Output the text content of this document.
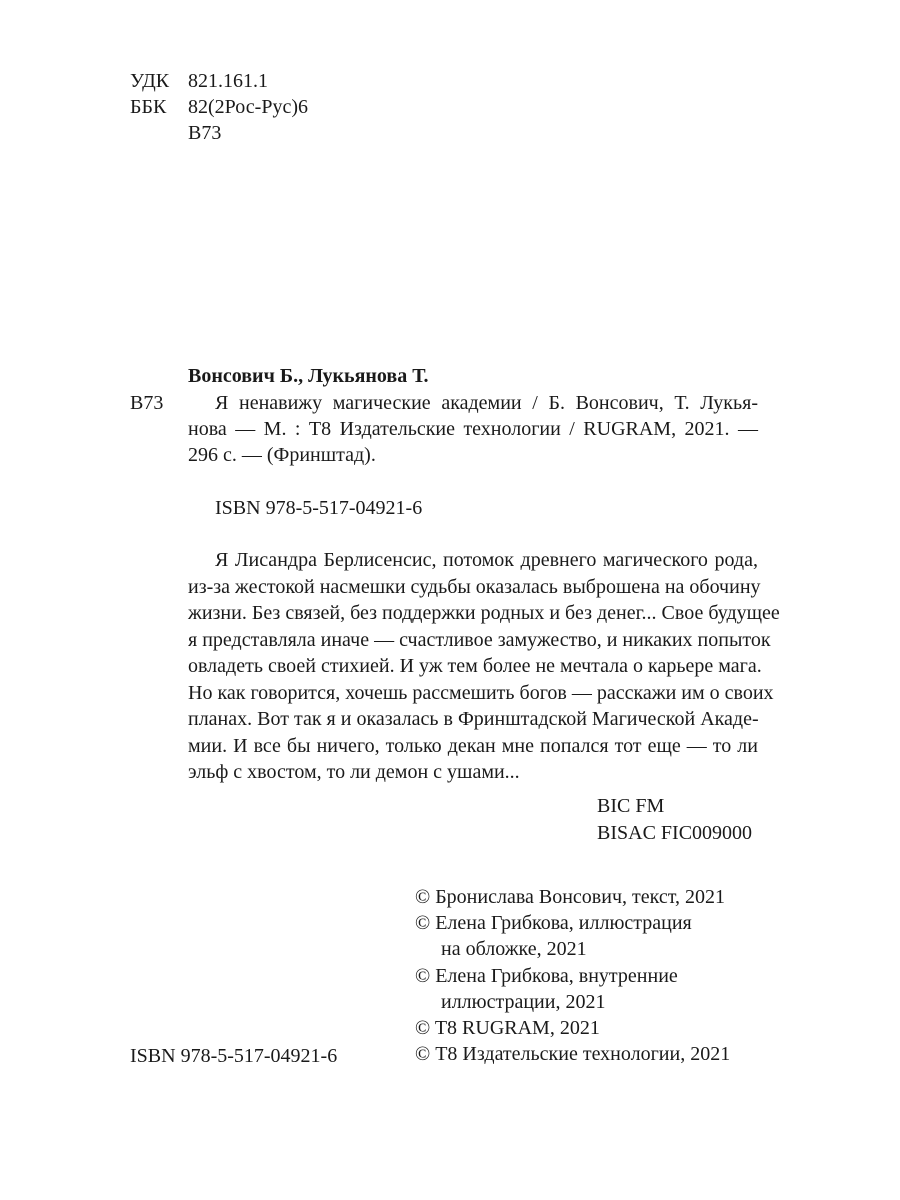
УДК 821.161.1
ББК	82(2Рос-Рус)6
В73
Вонсович Б., Лукьянова Т.
В73	Я ненавижу магические академии / Б. Вонсович, Т. Лукья-
нова — М. : Т8 Издательские технологии / RUGRAM, 2021. —
296 с. — (Фринштад).
ISBN 978-5-517-04921-6
Я Лисандра Берлисенсис, потомок древнего магического рода,
из-за жестокой насмешки судьбы оказалась выброшена на обочину
жизни. Без связей, без поддержки родных и без денег... Свое будущее
я представляла иначе — счастливое замужество, и никаких попыток
овладеть своей стихией. И уж тем более не мечтала о карьере мага.
Но как говорится, хочешь рассмешить богов — расскажи им о своих
планах. Вот так я и оказалась в Фринштадской Магической Акаде-
мии. И все бы ничего, только декан мне попался тот еще — то ли
эльф с хвостом, то ли демон с ушами...
BIC FM
BISAC FIC009000
© Бронислава Вонсович, текст, 2021
© Елена Грибкова, иллюстрация
на обложке, 2021
© Елена Грибкова, внутренние
иллюстрации, 2021
© T8 RUGRAM, 2021
© Т8 Издательские технологии, 2021
ISBN 978-5-517-04921-6
